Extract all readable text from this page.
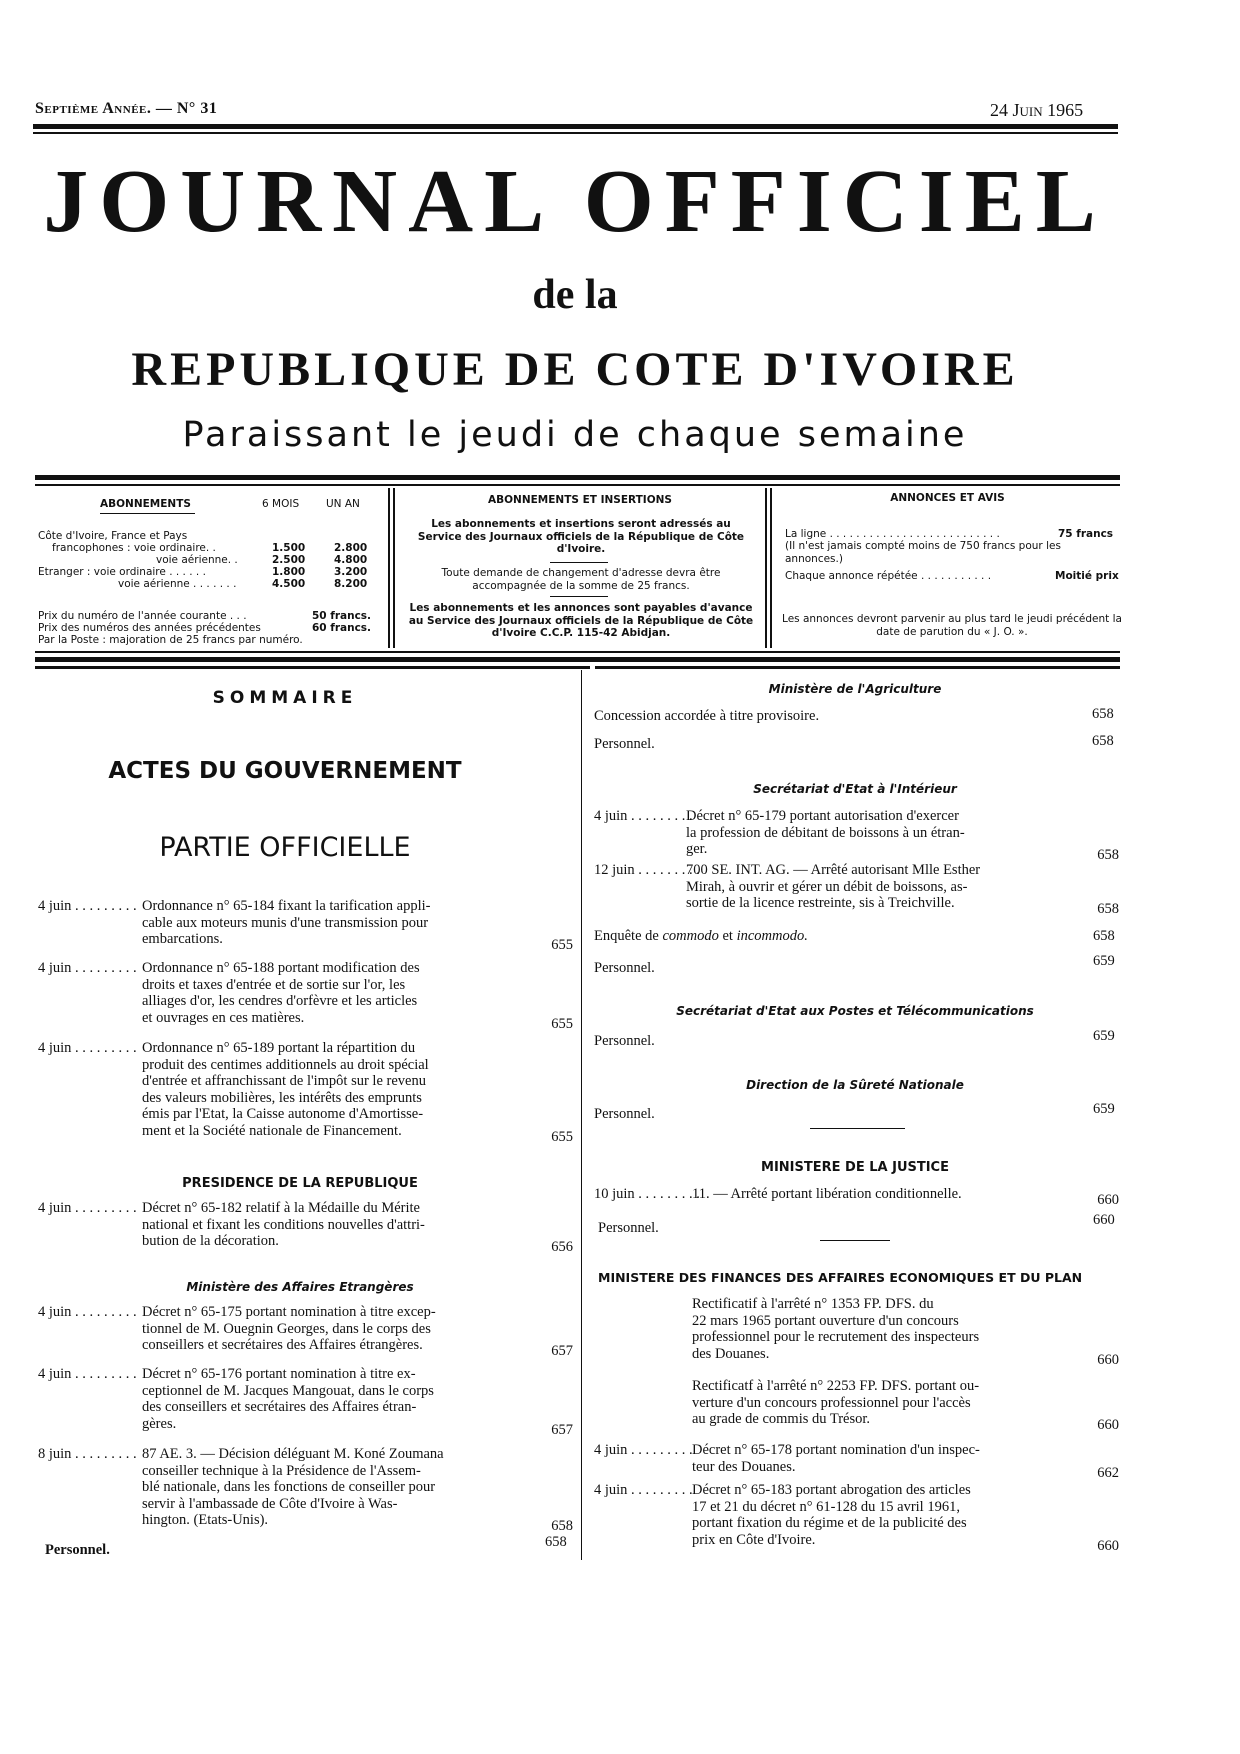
Septième Année. — N° 31	24 Juin 1965
JOURNAL OFFICIEL
de la
REPUBLIQUE DE COTE D'IVOIRE
Paraissant le jeudi de chaque semaine
ABONNEMENTS	6 MOIS	UN AN
Côte d'Ivoire, France et Pays
francophones : voie ordinaire. .	1.500	2.800
voie aérienne. .	2.500	4.800
Etranger : voie ordinaire . . . . . .	1.800	3.200
voie aérienne . . . . . . .	4.500	8.200
Prix du numéro de l'année courante . . .	50 francs.
Prix des numéros des années précédentes	60 francs.
Par la Poste : majoration de 25 francs par numéro.
ABONNEMENTS ET INSERTIONS
Les abonnements et insertions seront adressés au Service des Journaux officiels de la République de Côte d'Ivoire.
Toute demande de changement d'adresse devra être accompagnée de la somme de 25 francs.
Les abonnements et les annonces sont payables d'avance au Service des Journaux officiels de la République de Côte d'Ivoire C.C.P. 115-42 Abidjan.
ANNONCES ET AVIS
La ligne . . . . . . . . . . . . . . . . . . . . . . . . . .	75 francs
(Il n'est jamais compté moins de 750 francs pour les annonces.)
Chaque annonce répétée . . . . . . . . . . .	Moitié prix
Les annonces devront parvenir au plus tard le jeudi précédent la date de parution du « J. O. ».
SOMMAIRE
ACTES DU GOUVERNEMENT
PARTIE OFFICIELLE
4 juin . . . . . . . . . Ordonnance n° 65-184 fixant la tarification appli-
cable aux moteurs munis d'une transmission pour
embarcations.	655
4 juin . . . . . . . . . Ordonnance n° 65-188 portant modification des
droits et taxes d'entrée et de sortie sur l'or, les
alliages d'or, les cendres d'orfèvre et les articles
et ouvrages en ces matières.	655
4 juin . . . . . . . . . Ordonnance n° 65-189 portant la répartition du
produit des centimes additionnels au droit spécial
d'entrée et affranchissant de l'impôt sur le revenu
des valeurs mobilières, les intérêts des emprunts
émis par l'Etat, la Caisse autonome d'Amortisse-
ment et la Société nationale de Financement.	655
PRESIDENCE DE LA REPUBLIQUE
4 juin . . . . . . . . . Décret n° 65-182 relatif à la Médaille du Mérite
national et fixant les conditions nouvelles d'attri-
bution de la décoration.	656
Ministère des Affaires Etrangères
4 juin . . . . . . . . . Décret n° 65-175 portant nomination à titre excep-
tionnel de M. Ouegnin Georges, dans le corps des
conseillers et secrétaires des Affaires étrangères.	657
4 juin . . . . . . . . . Décret n° 65-176 portant nomination à titre ex-
ceptionnel de M. Jacques Mangouat, dans le corps
des conseillers et secrétaires des Affaires étran-
gères.	657
8 juin . . . . . . . . . 87 AE. 3. — Décision déléguant M. Koné Zoumana
conseiller technique à la Présidence de l'Assem-
blé nationale, dans les fonctions de conseiller pour
servir à l'ambassade de Côte d'Ivoire à Was-
hington. (Etats-Unis).	658
Personnel.	658
Ministère de l'Agriculture
Concession accordée à titre provisoire.	658
Personnel.	658
Secrétariat d'Etat à l'Intérieur
4 juin . . . . . . . . .
Décret n° 65-179 portant autorisation d'exercer
la profession de débitant de boissons à un étran-
ger.	658
12 juin . . . . . . . . .
700 SE. INT. AG. — Arrêté autorisant Mlle Esther
Mirah, à ouvrir et gérer un débit de boissons, as-
sortie de la licence restreinte, sis à Treichville.	658
Enquête de commodo et incommodo.	658
Personnel.	659
Secrétariat d'Etat aux Postes et Télécommunications
Personnel.	659
Direction de la Sûreté Nationale
Personnel.	659
MINISTERE DE LA JUSTICE
10 juin . . . . . . . . .
11. — Arrêté portant libération conditionnelle.	660
Personnel.	660
MINISTERE DES FINANCES DES AFFAIRES ECONOMIQUES ET DU PLAN
Rectificatif à l'arrêté n° 1353 FP. DFS. du
22 mars 1965 portant ouverture d'un concours
professionnel pour le recrutement des inspecteurs
des Douanes.	660
Rectificatf à l'arrêté n° 2253 FP. DFS. portant ou-
verture d'un concours professionnel pour l'accès
au grade de commis du Trésor.	660
4 juin . . . . . . . . . Décret n° 65-178 portant nomination d'un inspec-
teur des Douanes.	662
4 juin . . . . . . . . . Décret n° 65-183 portant abrogation des articles
17 et 21 du décret n° 61-128 du 15 avril 1961,
portant fixation du régime et de la publicité des
prix en Côte d'Ivoire.	660
